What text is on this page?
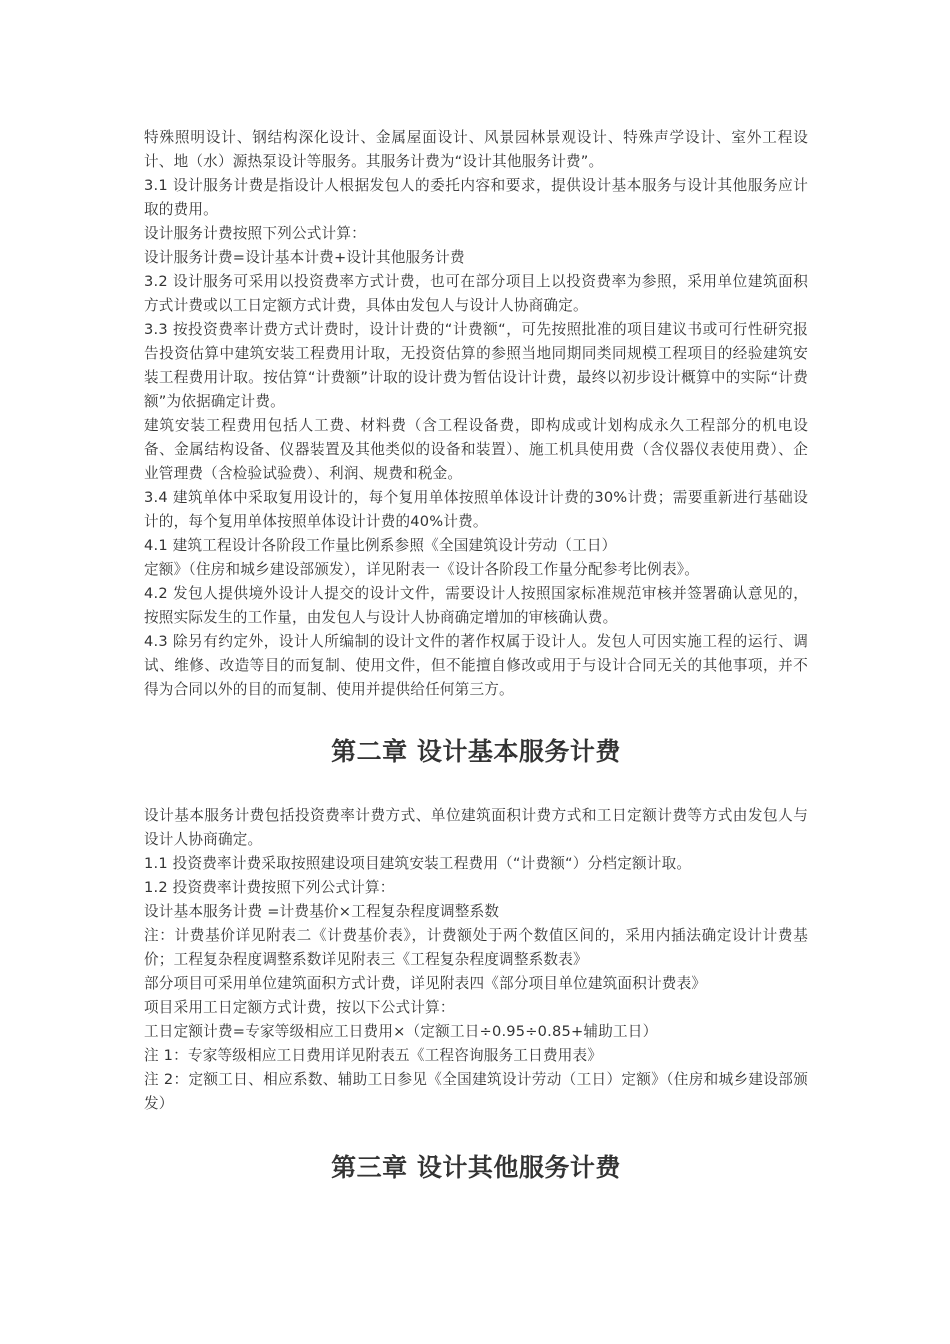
特殊照明设计、钢结构深化设计、金属屋面设计、风景园林景观设计、特殊声学设计、室外工程设计、地（水）源热泵设计等服务。其服务计费为“设计其他服务计费”。

3.1 设计服务计费是指设计人根据发包人的委托内容和要求，提供设计基本服务与设计其他服务应计取的费用。

设计服务计费按照下列公式计算：

设计服务计费=设计基本计费+设计其他服务计费

3.2 设计服务可采用以投资费率方式计费，也可在部分项目上以投资费率为参照，采用单位建筑面积方式计费或以工日定额方式计费，具体由发包人与设计人协商确定。

3.3 按投资费率计费方式计费时，设计计费的“计费额“，可先按照批准的项目建议书或可行性研究报告投资估算中建筑安装工程费用计取，无投资估算的参照当地同期同类同规模工程项目的经验建筑安装工程费用计取。按估算“计费额”计取的设计费为暂估设计计费，最终以初步设计概算中的实际“计费额”为依据确定计费。

建筑安装工程费用包括人工费、材料费（含工程设备费，即构成或计划构成永久工程部分的机电设备、金属结构设备、仪器装置及其他类似的设备和装置）、施工机具使用费（含仪器仪表使用费）、企业管理费（含检验试验费）、利润、规费和税金。

3.4 建筑单体中采取复用设计的，每个复用单体按照单体设计计费的30%计费；需要重新进行基础设计的，每个复用单体按照单体设计计费的40%计费。

4.1 建筑工程设计各阶段工作量比例系参照《全国建筑设计劳动（工日）

定额》（住房和城乡建设部颁发），详见附表一《设计各阶段工作量分配参考比例表》。

4.2 发包人提供境外设计人提交的设计文件，需要设计人按照国家标准规范审核并签署确认意见的，按照实际发生的工作量，由发包人与设计人协商确定增加的审核确认费。

4.3 除另有约定外，设计人所编制的设计文件的著作权属于设计人。发包人可因实施工程的运行、调试、维修、改造等目的而复制、使用文件，但不能擅自修改或用于与设计合同无关的其他事项，并不得为合同以外的目的而复制、使用并提供给任何第三方。

第二章 设计基本服务计费

设计基本服务计费包括投资费率计费方式、单位建筑面积计费方式和工日定额计费等方式由发包人与设计人协商确定。

1.1 投资费率计费采取按照建设项目建筑安装工程费用（“计费额“）分档定额计取。

1.2 投资费率计费按照下列公式计算：

设计基本服务计费 =计费基价×工程复杂程度调整系数

注：计费基价详见附表二《计费基价表》，计费额处于两个数值区间的，采用内插法确定设计计费基价；工程复杂程度调整系数详见附表三《工程复杂程度调整系数表》

部分项目可采用单位建筑面积方式计费，详见附表四《部分项目单位建筑面积计费表》

项目采用工日定额方式计费，按以下公式计算：

工日定额计费=专家等级相应工日费用×（定额工日÷0.95÷0.85+辅助工日）

注 1：专家等级相应工日费用详见附表五《工程咨询服务工日费用表》

注 2：定额工日、相应系数、辅助工日参见《全国建筑设计劳动（工日）定额》（住房和城乡建设部颁发）

第三章 设计其他服务计费
